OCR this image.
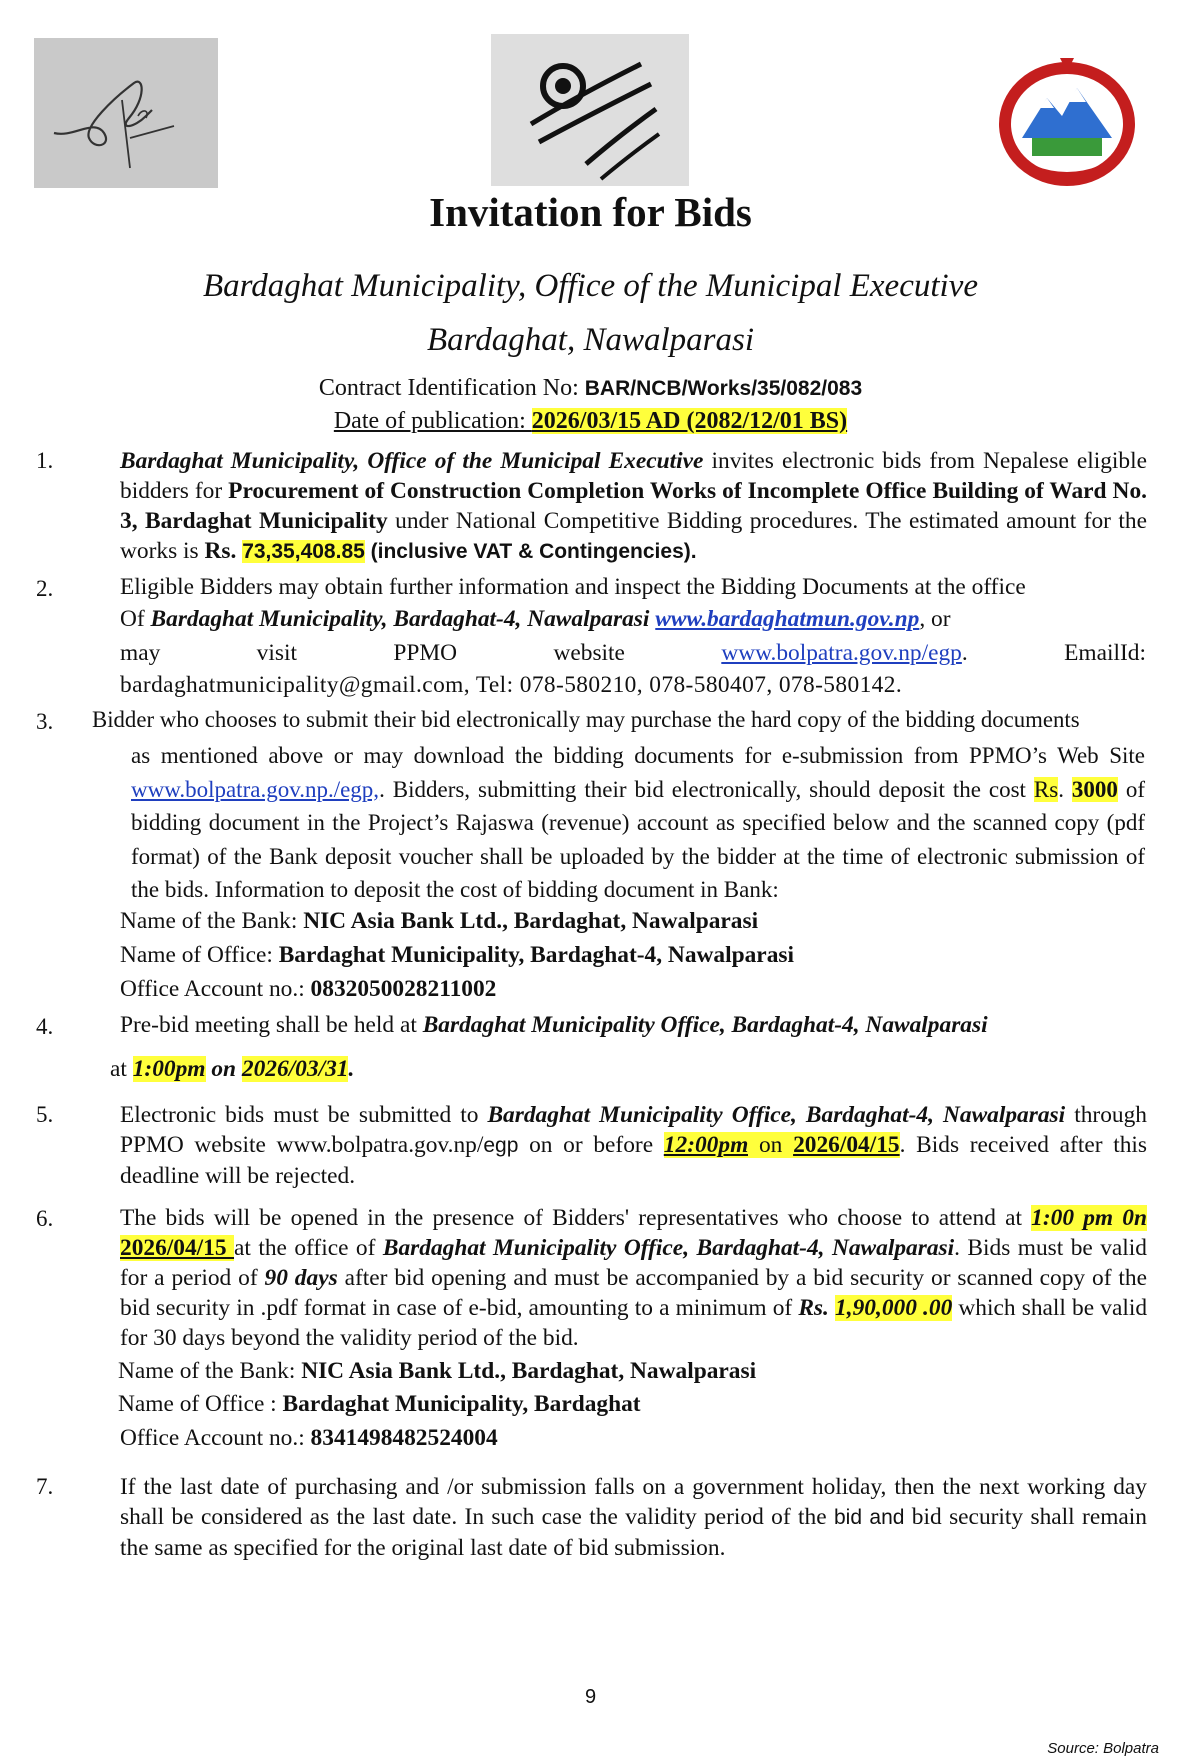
Invitation for Bids
Bardaghat Municipality, Office of the Municipal Executive
Bardaghat, Nawalparasi
Contract Identification No: BAR/NCB/Works/35/082/083
Date of publication: 2026/03/15 AD (2082/12/01 BS)
1.	Bardaghat Municipality, Office of the Municipal Executive invites electronic bids from Nepalese eligible bidders for Procurement of Construction Completion Works of Incomplete Office Building of Ward No. 3, Bardaghat Municipality under National Competitive Bidding procedures. The estimated amount for the works is Rs. 73,35,408.85 (inclusive VAT & Contingencies).
2.	Eligible Bidders may obtain further information and inspect the Bidding Documents at the office
Of Bardaghat Municipality, Bardaghat-4, Nawalparasi www.bardaghatmun.gov.np, or
may	visit	PPMO	website	www.bolpatra.gov.np/egp.	EmailId:
bardaghatmunicipality@gmail.com, Tel: 078-580210, 078-580407, 078-580142.
3. Bidder who chooses to submit their bid electronically may purchase the hard copy of the bidding documents
as mentioned above or may download the bidding documents for e-submission from PPMO’s Web Site www.bolpatra.gov.np./egp,. Bidders, submitting their bid electronically, should deposit the cost Rs. 3000 of bidding document in the Project’s Rajaswa (revenue) account as specified below and the scanned copy (pdf format) of the Bank deposit voucher shall be uploaded by the bidder at the time of electronic submission of the bids. Information to deposit the cost of bidding document in Bank:
Name of the Bank: NIC Asia Bank Ltd., Bardaghat, Nawalparasi
Name of Office: Bardaghat Municipality, Bardaghat-4, Nawalparasi
Office Account no.: 0832050028211002
4.	Pre-bid meeting shall be held at Bardaghat Municipality Office, Bardaghat-4, Nawalparasi
at 1:00pm on 2026/03/31.
5.	Electronic bids must be submitted to Bardaghat Municipality Office, Bardaghat-4, Nawalparasi through PPMO website www.bolpatra.gov.np/egp on or before 12:00pm on 2026/04/15. Bids received after this deadline will be rejected.
6.	The bids will be opened in the presence of Bidders' representatives who choose to attend at 1:00 pm 0n 2026/04/15 at the office of Bardaghat Municipality Office, Bardaghat-4, Nawalparasi. Bids must be valid for a period of 90 days after bid opening and must be accompanied by a bid security or scanned copy of the bid security in .pdf format in case of e-bid, amounting to a minimum of Rs. 1,90,000 .00 which shall be valid for 30 days beyond the validity period of the bid.
Name of the Bank: NIC Asia Bank Ltd., Bardaghat, Nawalparasi
Name of Office : Bardaghat Municipality, Bardaghat
Office Account no.: 8341498482524004
7.	If the last date of purchasing and /or submission falls on a government holiday, then the next working day shall be considered as the last date. In such case the validity period of the bid and bid security shall remain the same as specified for the original last date of bid submission.
9
Source: Bolpatra
